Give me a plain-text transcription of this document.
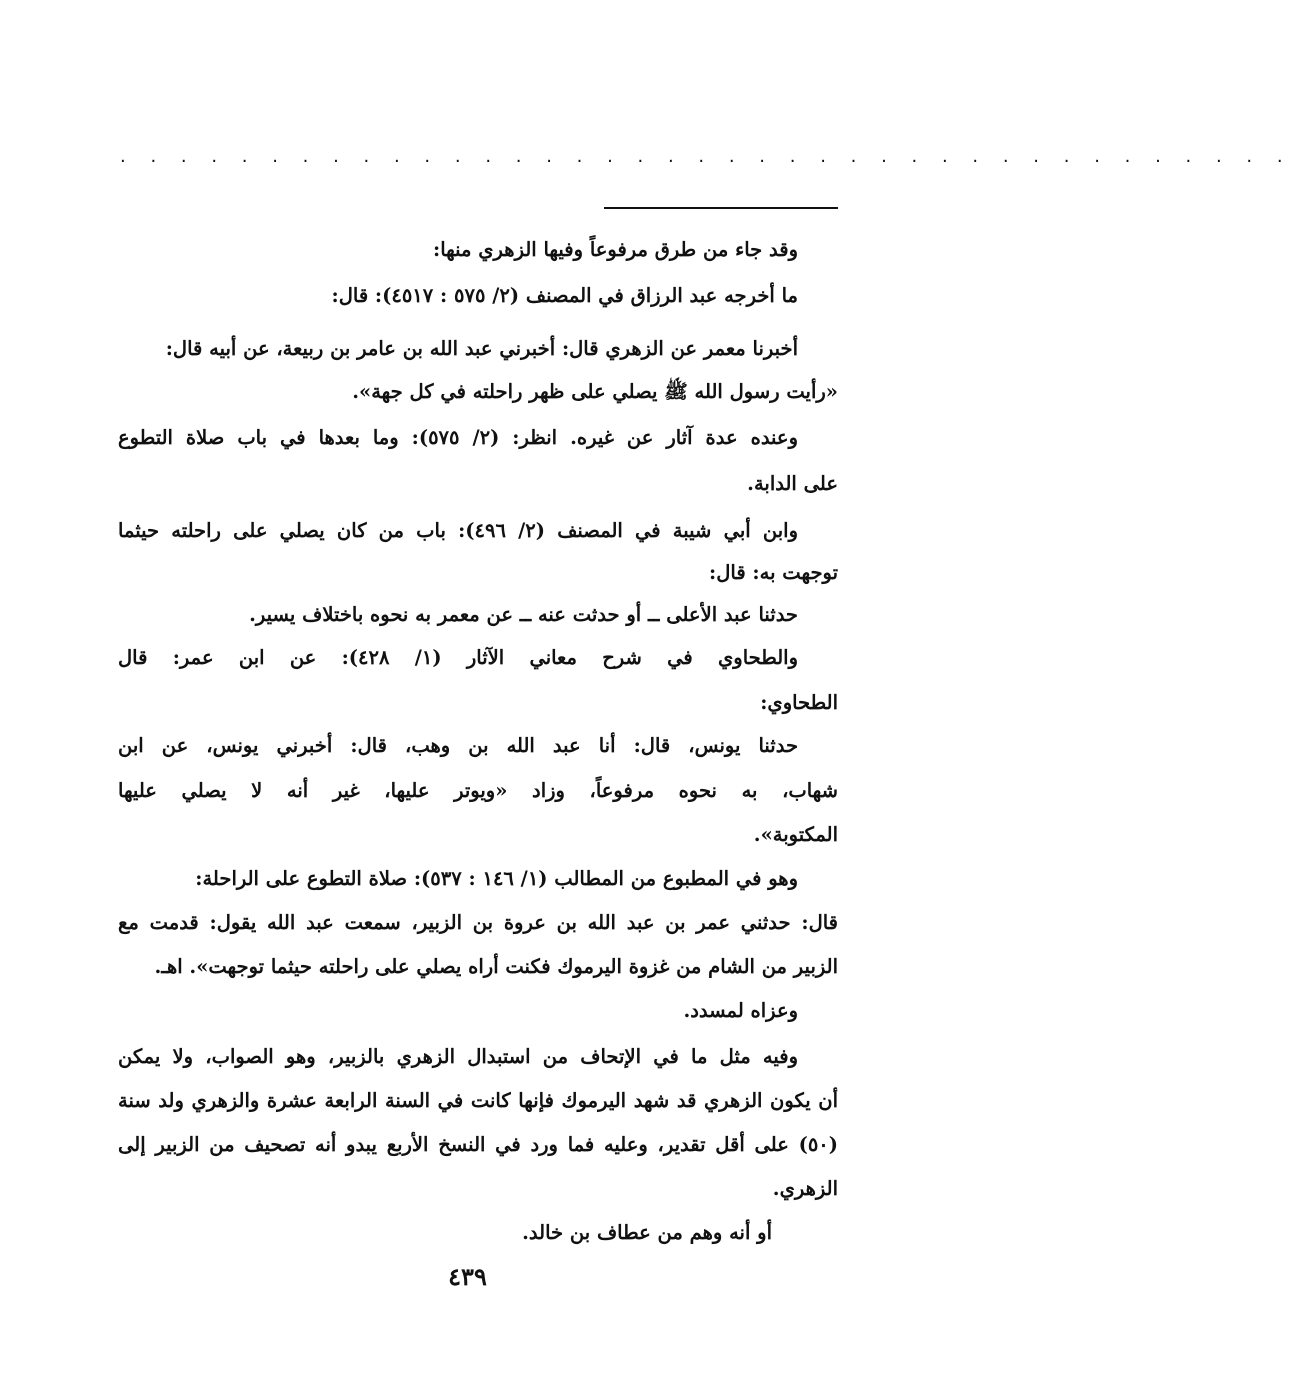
. . . . . . . . . . . . . . . . . . . . . . . . . . . . . . . . . . . . . . .
وقد جاء من طرق مرفوعاً وفيها الزهري منها:
ما أخرجه عبد الرزاق في المصنف (٢/ ٥٧٥ : ٤٥١٧): قال:
أخبرنا معمر عن الزهري قال: أخبرني عبد الله بن عامر بن ربيعة، عن أبيه قال:
«رأيت رسول الله ﷺ يصلي على ظهر راحلته في كل جهة».
وعنده عدة آثار عن غيره. انظر: (٢/ ٥٧٥): وما بعدها في باب صلاة التطوع
على الدابة.
وابن أبي شيبة في المصنف (٢/ ٤٩٦): باب من كان يصلي على راحلته حيثما
توجهت به: قال:
حدثنا عبد الأعلى ــ أو حدثت عنه ــ عن معمر به نحوه باختلاف يسير.
والطحاوي في شرح معاني الآثار (١/ ٤٢٨): عن ابن عمر: قال
الطحاوي:
حدثنا يونس، قال: أنا عبد الله بن وهب، قال: أخبرني يونس، عن ابن
شهاب، به نحوه مرفوعاً، وزاد «ويوتر عليها، غير أنه لا يصلي عليها
المكتوبة».
وهو في المطبوع من المطالب (١/ ١٤٦ : ٥٣٧): صلاة التطوع على الراحلة:
قال: حدثني عمر بن عبد الله بن عروة بن الزبير، سمعت عبد الله يقول: قدمت مع
الزبير من الشام من غزوة اليرموك فكنت أراه يصلي على راحلته حيثما توجهت». اهـ.
وعزاه لمسدد.
وفيه مثل ما في الإتحاف من استبدال الزهري بالزبير، وهو الصواب، ولا يمكن
أن يكون الزهري قد شهد اليرموك فإنها كانت في السنة الرابعة عشرة والزهري ولد سنة
(٥٠) على أقل تقدير، وعليه فما ورد في النسخ الأربع يبدو أنه تصحيف من الزبير إلى
الزهري.
أو أنه وهم من عطاف بن خالد.
٤٣٩
